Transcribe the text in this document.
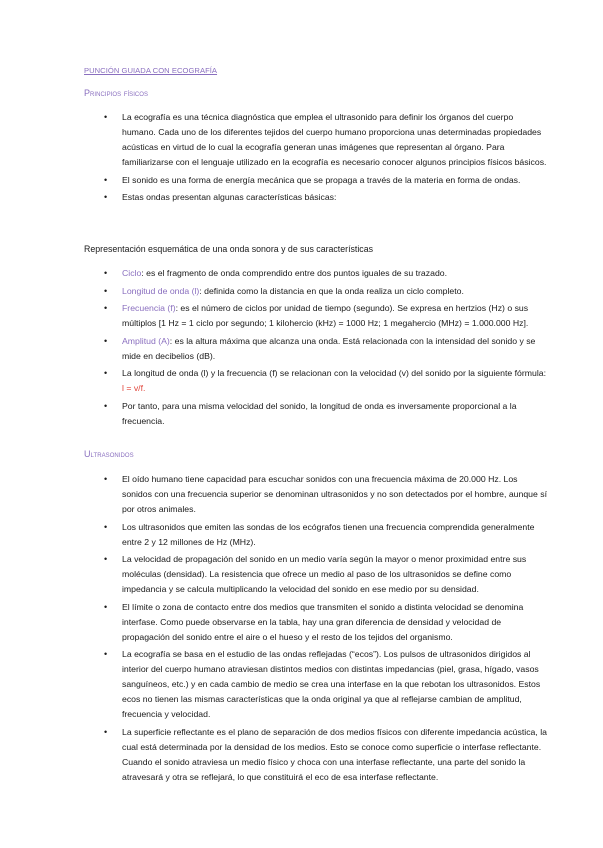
PUNCIÓN GUIADA CON ECOGRAFÍA
Principios físicos
• La ecografía es una técnica diagnóstica que emplea el ultrasonido para definir los órganos del cuerpo humano. Cada uno de los diferentes tejidos del cuerpo humano proporciona unas determinadas propiedades acústicas en virtud de lo cual la ecografía generan unas imágenes que representan al órgano. Para familiarizarse con el lenguaje utilizado en la ecografía es necesario conocer algunos principios físicos básicos.
• El sonido es una forma de energía mecánica que se propaga a través de la materia en forma de ondas.
• Estas ondas presentan algunas características básicas:
Representación esquemática de una onda sonora y de sus características
• Ciclo: es el fragmento de onda comprendido entre dos puntos iguales de su trazado.
• Longitud de onda (l): definida como la distancia en que la onda realiza un ciclo completo.
• Frecuencia (f): es el número de ciclos por unidad de tiempo (segundo). Se expresa en hertzios (Hz) o sus múltiplos [1 Hz = 1 ciclo por segundo; 1 kilohercio (kHz) = 1000 Hz; 1 megahercio (MHz) = 1.000.000 Hz].
• Amplitud (A): es la altura máxima que alcanza una onda. Está relacionada con la intensidad del sonido y se mide en decibelios (dB).
• La longitud de onda (l) y la frecuencia (f) se relacionan con la velocidad (v) del sonido por la siguiente fórmula: l = v/f.
• Por tanto, para una misma velocidad del sonido, la longitud de onda es inversamente proporcional a la frecuencia.
Ultrasonidos
• El oído humano tiene capacidad para escuchar sonidos con una frecuencia máxima de 20.000 Hz. Los sonidos con una frecuencia superior se denominan ultrasonidos y no son detectados por el hombre, aunque sí por otros animales.
• Los ultrasonidos que emiten las sondas de los ecógrafos tienen una frecuencia comprendida generalmente entre 2 y 12 millones de Hz (MHz).
• La velocidad de propagación del sonido en un medio varía según la mayor o menor proximidad entre sus moléculas (densidad). La resistencia que ofrece un medio al paso de los ultrasonidos se define como impedancia y se calcula multiplicando la velocidad del sonido en ese medio por su densidad.
• El límite o zona de contacto entre dos medios que transmiten el sonido a distinta velocidad se denomina interfase. Como puede observarse en la tabla, hay una gran diferencia de densidad y velocidad de propagación del sonido entre el aire o el hueso y el resto de los tejidos del organismo.
• La ecografía se basa en el estudio de las ondas reflejadas (“ecos”). Los pulsos de ultrasonidos dirigidos al interior del cuerpo humano atraviesan distintos medios con distintas impedancias (piel, grasa, hígado, vasos sanguíneos, etc.) y en cada cambio de medio se crea una interfase en la que rebotan los ultrasonidos. Estos ecos no tienen las mismas características que la onda original ya que al reflejarse cambian de amplitud, frecuencia y velocidad.
• La superficie reflectante es el plano de separación de dos medios físicos con diferente impedancia acústica, la cual está determinada por la densidad de los medios. Esto se conoce como superficie o interfase reflectante. Cuando el sonido atraviesa un medio físico y choca con una interfase reflectante, una parte del sonido la atravesará y otra se reflejará, lo que constituirá el eco de esa interfase reflectante.
